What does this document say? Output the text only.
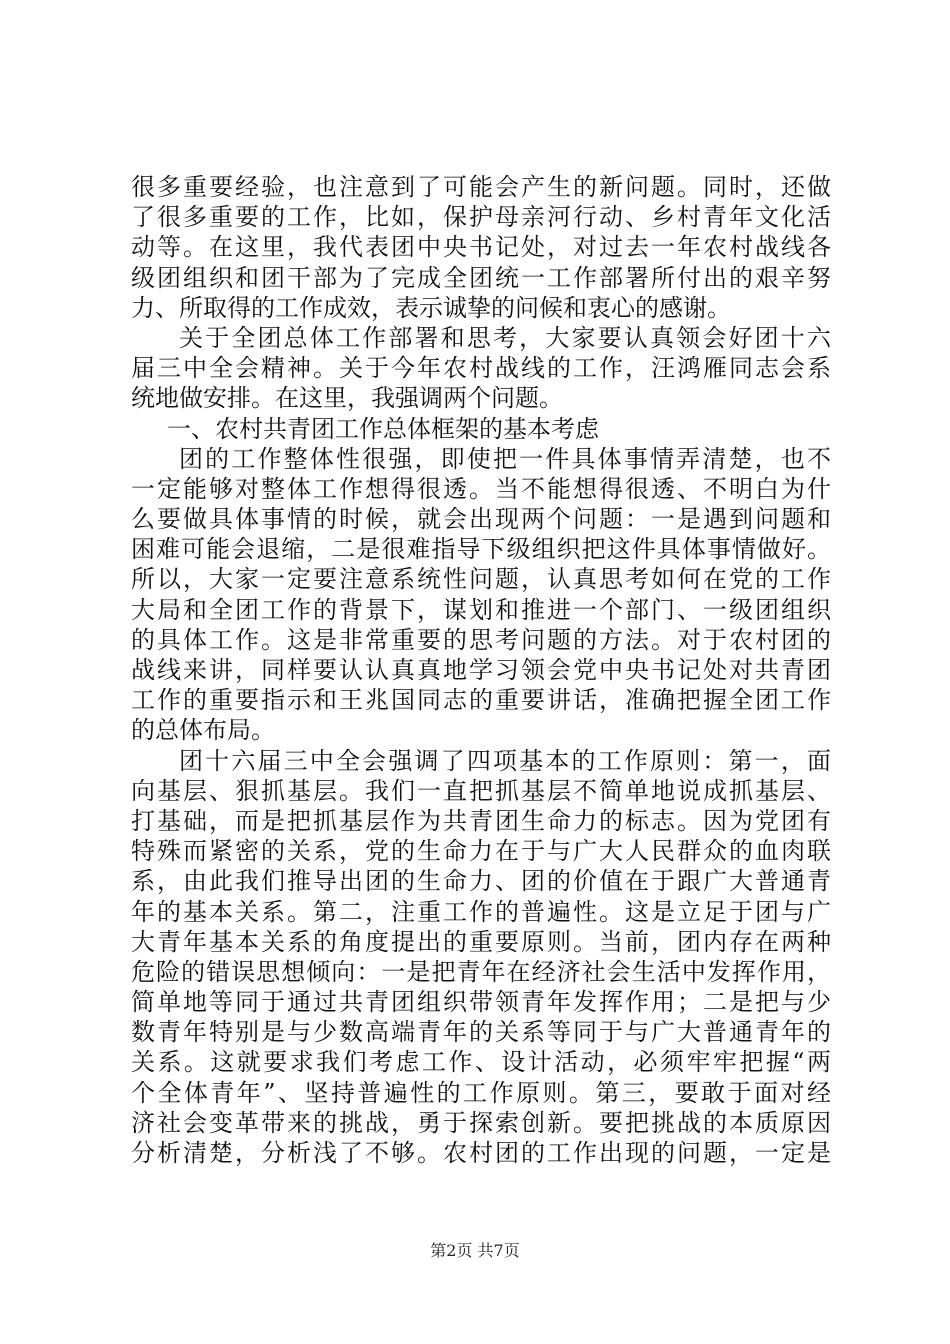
很多重要经验，也注意到了可能会产生的新问题。同时，还做
了很多重要的工作，比如，保护母亲河行动、乡村青年文化活
动等。在这里，我代表团中央书记处，对过去一年农村战线各
级团组织和团干部为了完成全团统一工作部署所付出的艰辛努
力、所取得的工作成效，表示诚挚的问候和衷心的感谢。
关于全团总体工作部署和思考，大家要认真领会好团十六
届三中全会精神。关于今年农村战线的工作，汪鸿雁同志会系
统地做安排。在这里，我强调两个问题。
一、农村共青团工作总体框架的基本考虑
团的工作整体性很强，即使把一件具体事情弄清楚，也不
一定能够对整体工作想得很透。当不能想得很透、不明白为什
么要做具体事情的时候，就会出现两个问题：一是遇到问题和
困难可能会退缩，二是很难指导下级组织把这件具体事情做好。
所以，大家一定要注意系统性问题，认真思考如何在党的工作
大局和全团工作的背景下，谋划和推进一个部门、一级团组织
的具体工作。这是非常重要的思考问题的方法。对于农村团的
战线来讲，同样要认认真真地学习领会党中央书记处对共青团
工作的重要指示和王兆国同志的重要讲话，准确把握全团工作
的总体布局。
团十六届三中全会强调了四项基本的工作原则：第一，面
向基层、狠抓基层。我们一直把抓基层不简单地说成抓基层、
打基础，而是把抓基层作为共青团生命力的标志。因为党团有
特殊而紧密的关系，党的生命力在于与广大人民群众的血肉联
系，由此我们推导出团的生命力、团的价值在于跟广大普通青
年的基本关系。第二，注重工作的普遍性。这是立足于团与广
大青年基本关系的角度提出的重要原则。当前，团内存在两种
危险的错误思想倾向：一是把青年在经济社会生活中发挥作用，
简单地等同于通过共青团组织带领青年发挥作用；二是把与少
数青年特别是与少数高端青年的关系等同于与广大普通青年的
关系。这就要求我们考虑工作、设计活动，必须牢牢把握“两
个全体青年”、坚持普遍性的工作原则。第三，要敢于面对经
济社会变革带来的挑战，勇于探索创新。要把挑战的本质原因
分析清楚，分析浅了不够。农村团的工作出现的问题，一定是
第2页 共7页
